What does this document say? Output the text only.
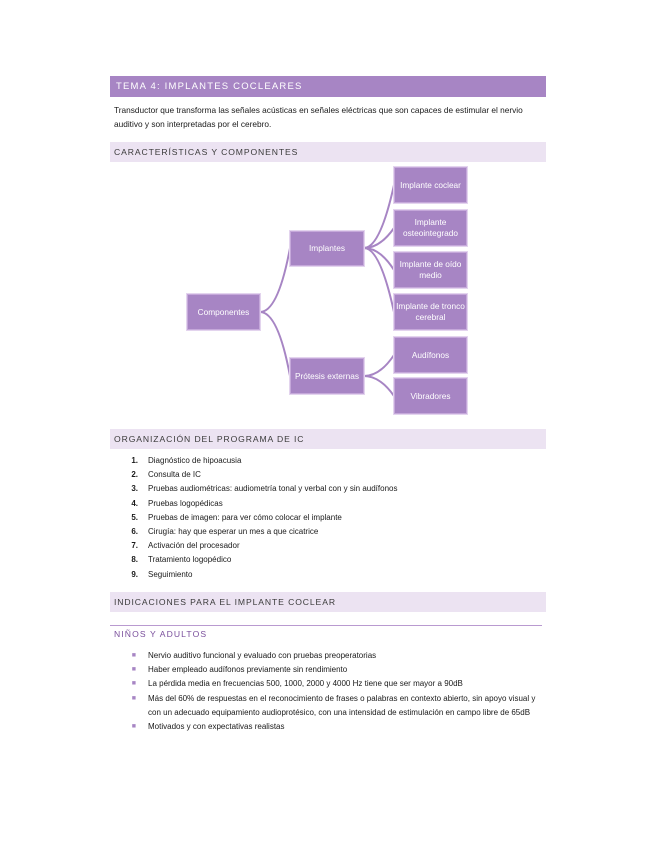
TEMA 4: IMPLANTES COCLEARES
Transductor que transforma las señales acústicas en señales eléctricas que son capaces de estimular el nervio auditivo y son interpretadas por el cerebro.
CARACTERÍSTICAS Y COMPONENTES
Componentes
Implantes
Prótesis externas
Implante coclear
Implante osteointegrado
Implante de oído medio
Implante de tronco cerebral
Audífonos
Vibradores
ORGANIZACIÓN DEL PROGRAMA DE IC
1.	Diagnóstico de hipoacusia
2.	Consulta de IC
3.	Pruebas audiométricas: audiometría tonal y verbal con y sin audífonos
4.	Pruebas logopédicas
5.	Pruebas de imagen: para ver cómo colocar el implante
6.	Cirugía: hay que esperar un mes a que cicatrice
7.	Activación del procesador
8.	Tratamiento logopédico
9.	Seguimiento
INDICACIONES PARA EL IMPLANTE COCLEAR
NIÑOS Y ADULTOS
■	Nervio auditivo funcional y evaluado con pruebas preoperatorias
■	Haber empleado audífonos previamente sin rendimiento
■	La pérdida media en frecuencias 500, 1000, 2000 y 4000 Hz tiene que ser mayor a 90dB
■	Más del 60% de respuestas en el reconocimiento de frases o palabras en contexto abierto, sin apoyo visual y con un adecuado equipamiento audioprotésico, con una intensidad de estimulación en campo libre de 65dB
■	Motivados y con expectativas realistas
